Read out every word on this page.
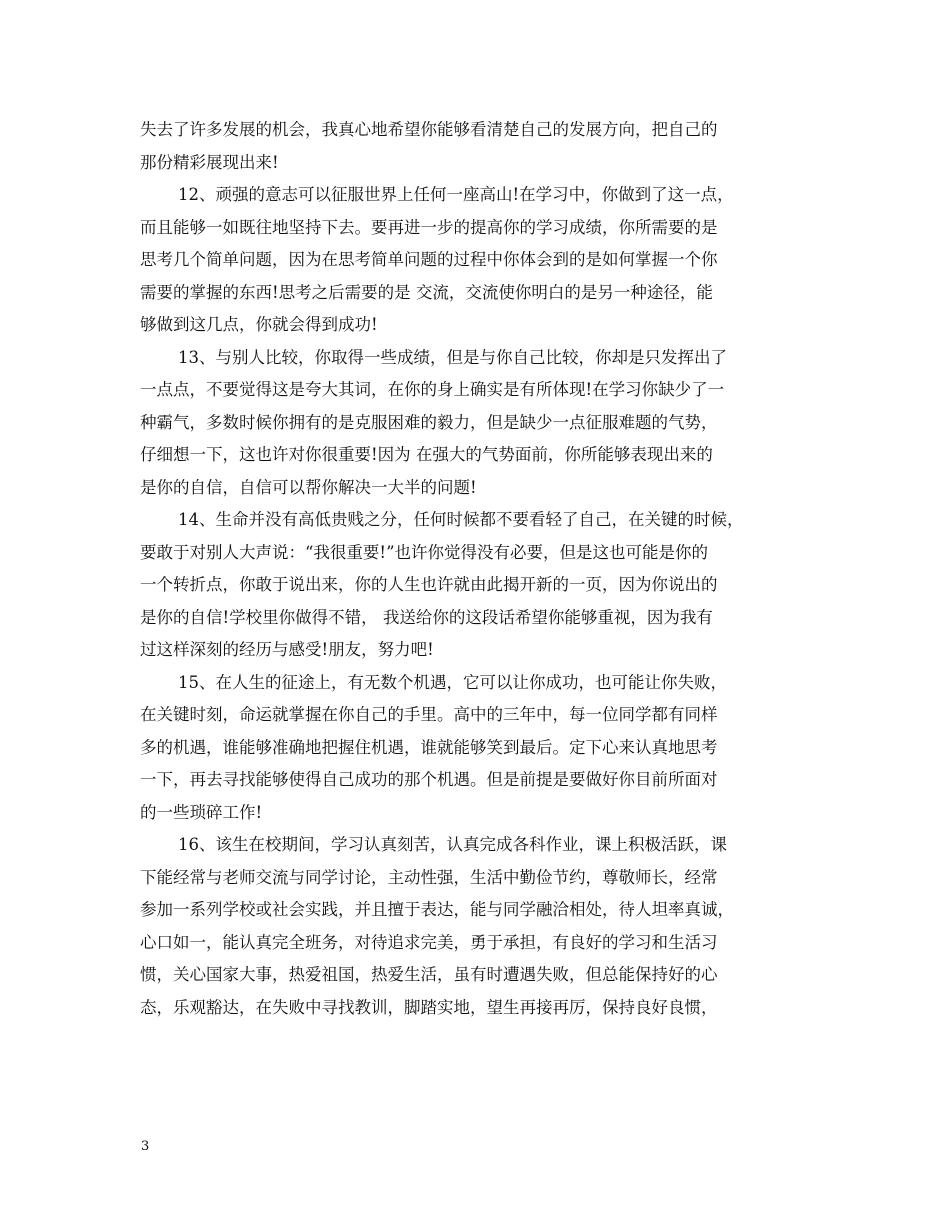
失去了许多发展的机会，我真心地希望你能够看清楚自己的发展方向，把自己的
那份精彩展现出来!
12、顽强的意志可以征服世界上任何一座高山!在学习中，你做到了这一点，
而且能够一如既往地坚持下去。要再进一步的提高你的学习成绩，你所需要的是
思考几个简单问题，因为在思考简单问题的过程中你体会到的是如何掌握一个你
需要的掌握的东西!思考之后需要的是 交流，交流使你明白的是另一种途径，能
够做到这几点，你就会得到成功!
13、与别人比较，你取得一些成绩，但是与你自己比较，你却是只发挥出了
一点点，不要觉得这是夸大其词，在你的身上确实是有所体现!在学习你缺少了一
种霸气，多数时候你拥有的是克服困难的毅力，但是缺少一点征服难题的气势，
仔细想一下，这也许对你很重要!因为 在强大的气势面前，你所能够表现出来的
是你的自信，自信可以帮你解决一大半的问题!
14、生命并没有高低贵贱之分，任何时候都不要看轻了自己，在关键的时候，
要敢于对别人大声说：“我很重要!”也许你觉得没有必要，但是这也可能是你的
一个转折点，你敢于说出来，你的人生也许就由此揭开新的一页，因为你说出的
是你的自信!学校里你做得不错， 我送给你的这段话希望你能够重视，因为我有
过这样深刻的经历与感受!朋友，努力吧!
15、在人生的征途上，有无数个机遇，它可以让你成功，也可能让你失败，
在关键时刻，命运就掌握在你自己的手里。高中的三年中，每一位同学都有同样
多的机遇，谁能够准确地把握住机遇，谁就能够笑到最后。定下心来认真地思考
一下，再去寻找能够使得自己成功的那个机遇。但是前提是要做好你目前所面对
的一些琐碎工作!
16、该生在校期间，学习认真刻苦，认真完成各科作业，课上积极活跃，课
下能经常与老师交流与同学讨论，主动性强，生活中勤俭节约，尊敬师长，经常
参加一系列学校或社会实践，并且擅于表达，能与同学融洽相处，待人坦率真诚，
心口如一，能认真完全班务，对待追求完美，勇于承担，有良好的学习和生活习
惯，关心国家大事，热爱祖国，热爱生活，虽有时遭遇失败，但总能保持好的心
态，乐观豁达，在失败中寻找教训，脚踏实地，望生再接再厉，保持良好良惯，
3
